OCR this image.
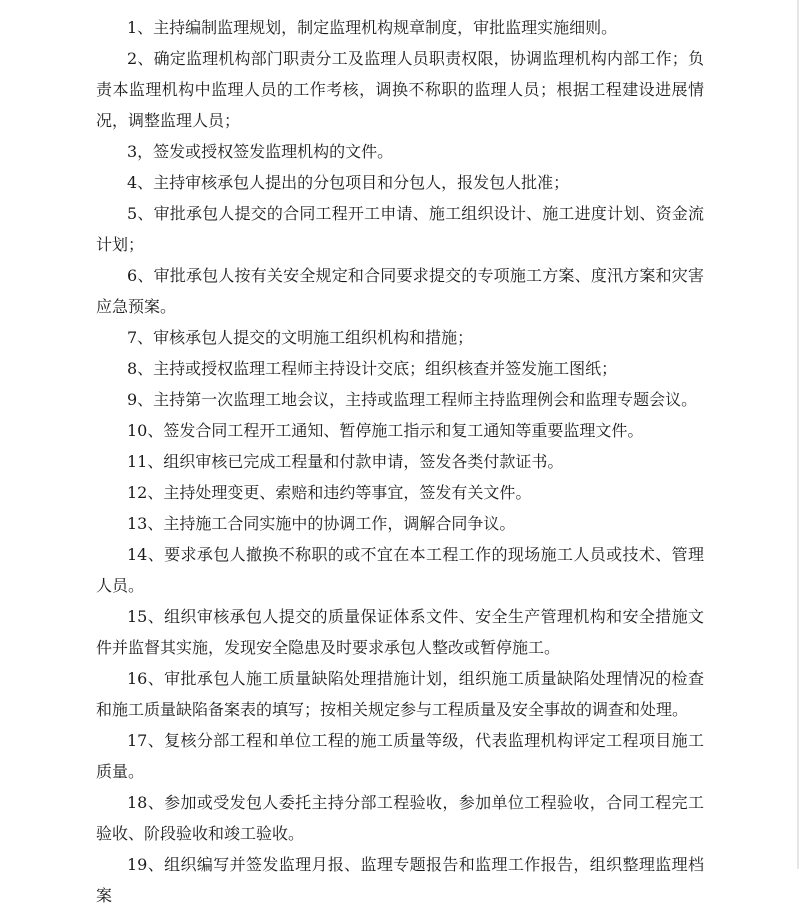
1、主持编制监理规划，制定监理机构规章制度，审批监理实施细则。

2、确定监理机构部门职责分工及监理人员职责权限，协调监理机构内部工作；负责本监理机构中监理人员的工作考核，调换不称职的监理人员；根据工程建设进展情况，调整监理人员；

3，签发或授权签发监理机构的文件。

4、主持审核承包人提出的分包项目和分包人，报发包人批准；

5、审批承包人提交的合同工程开工申请、施工组织设计、施工进度计划、资金流计划；

6、审批承包人按有关安全规定和合同要求提交的专项施工方案、度汛方案和灾害应急预案。

7、审核承包人提交的文明施工组织机构和措施；

8、主持或授权监理工程师主持设计交底；组织核查并签发施工图纸；

9、主持第一次监理工地会议，主持或监理工程师主持监理例会和监理专题会议。

10、签发合同工程开工通知、暂停施工指示和复工通知等重要监理文件。

11、组织审核已完成工程量和付款申请，签发各类付款证书。

12、主持处理变更、索赔和违约等事宜，签发有关文件。

13、主持施工合同实施中的协调工作，调解合同争议。

14、要求承包人撤换不称职的或不宜在本工程工作的现场施工人员或技术、管理人员。

15、组织审核承包人提交的质量保证体系文件、安全生产管理机构和安全措施文件并监督其实施，发现安全隐患及时要求承包人整改或暂停施工。

16、审批承包人施工质量缺陷处理措施计划，组织施工质量缺陷处理情况的检查和施工质量缺陷备案表的填写；按相关规定参与工程质量及安全事故的调查和处理。

17、复核分部工程和单位工程的施工质量等级，代表监理机构评定工程项目施工质量。

18、参加或受发包人委托主持分部工程验收，参加单位工程验收，合同工程完工验收、阶段验收和竣工验收。

19、组织编写并签发监理月报、监理专题报告和监理工作报告，组织整理监理档案
